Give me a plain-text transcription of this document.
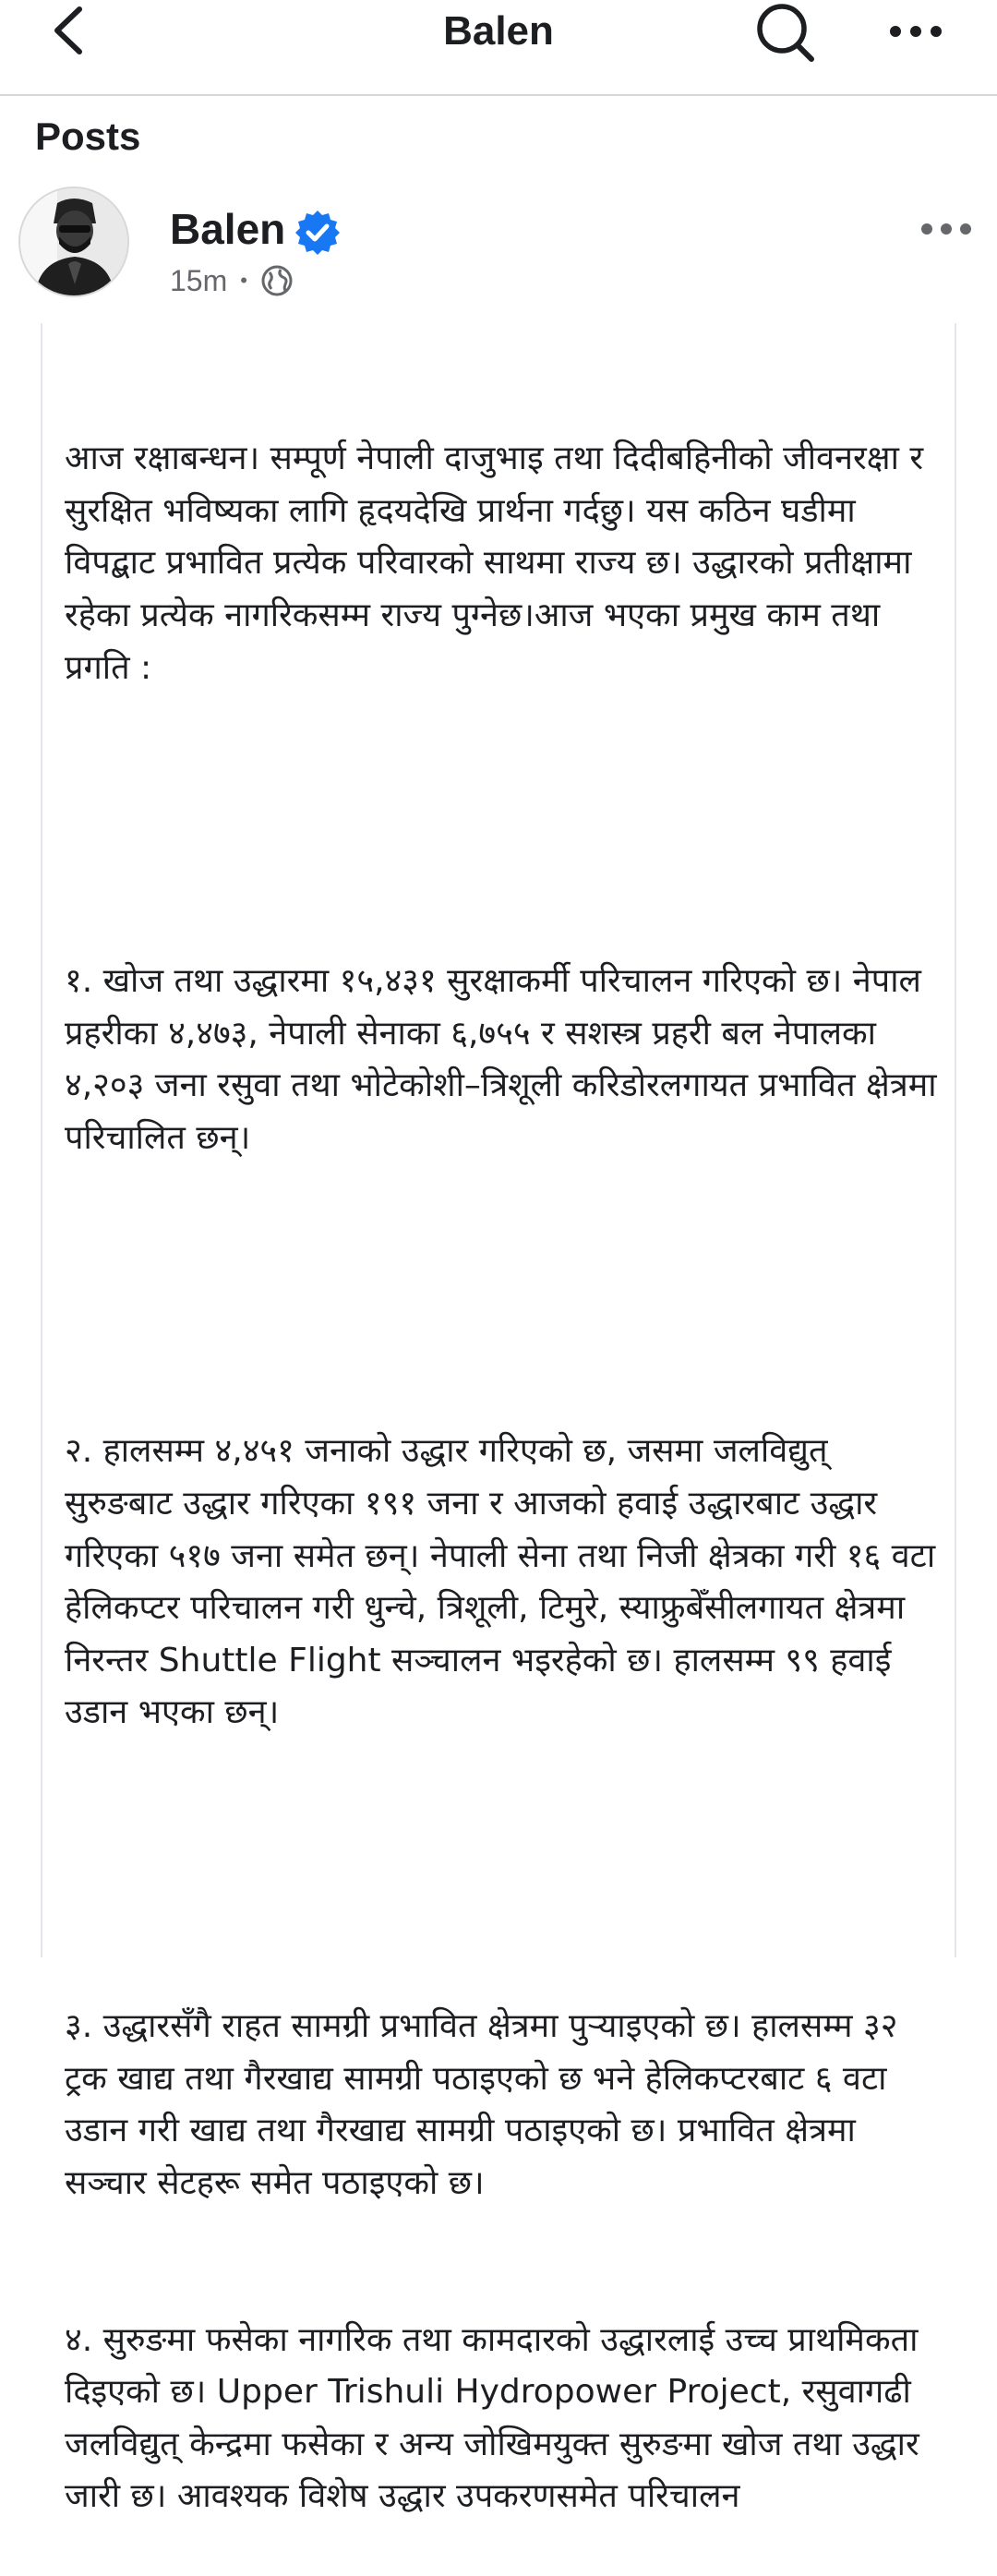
Balen
Posts
Balen
15m •

आज रक्षाबन्धन। सम्पूर्ण नेपाली दाजुभाइ तथा दिदीबहिनीको जीवनरक्षा र सुरक्षित भविष्यका लागि हृदयदेखि प्रार्थना गर्दछु। यस कठिन घडीमा विपद्बाट प्रभावित प्रत्येक परिवारको साथमा राज्य छ। उद्धारको प्रतीक्षामा रहेका प्रत्येक नागरिकसम्म राज्य पुग्नेछ।आज भएका प्रमुख काम तथा प्रगति :

१. खोज तथा उद्धारमा १५,४३१ सुरक्षाकर्मी परिचालन गरिएको छ। नेपाल प्रहरीका ४,४७३, नेपाली सेनाका ६,७५५ र सशस्त्र प्रहरी बल नेपालका ४,२०३ जना रसुवा तथा भोटेकोशी–त्रिशूली करिडोरलगायत प्रभावित क्षेत्रमा परिचालित छन्।

२. हालसम्म ४,४५१ जनाको उद्धार गरिएको छ, जसमा जलविद्युत् सुरुङबाट उद्धार गरिएका १९१ जना र आजको हवाई उद्धारबाट उद्धार गरिएका ५१७ जना समेत छन्। नेपाली सेना तथा निजी क्षेत्रका गरी १६ वटा हेलिकप्टर परिचालन गरी धुन्चे, त्रिशूली, टिमुरे, स्याफ्रुबेँसीलगायत क्षेत्रमा निरन्तर Shuttle Flight सञ्चालन भइरहेको छ। हालसम्म ९९ हवाई उडान भएका छन्।

३. उद्धारसँगै राहत सामग्री प्रभावित क्षेत्रमा पुर्‍याइएको छ। हालसम्म ३२ ट्रक खाद्य तथा गैरखाद्य सामग्री पठाइएको छ भने हेलिकप्टरबाट ६ वटा उडान गरी खाद्य तथा गैरखाद्य सामग्री पठाइएको छ। प्रभावित क्षेत्रमा सञ्चार सेटहरू समेत पठाइएको छ।

४. सुरुङमा फसेका नागरिक तथा कामदारको उद्धारलाई उच्च प्राथमिकता दिइएको छ। Upper Trishuli Hydropower Project, रसुवागढी जलविद्युत् केन्द्रमा फसेका र अन्य जोखिमयुक्त सुरुङमा खोज तथा उद्धार जारी छ। आवश्यक विशेष उद्धार उपकरणसमेत परिचालन
